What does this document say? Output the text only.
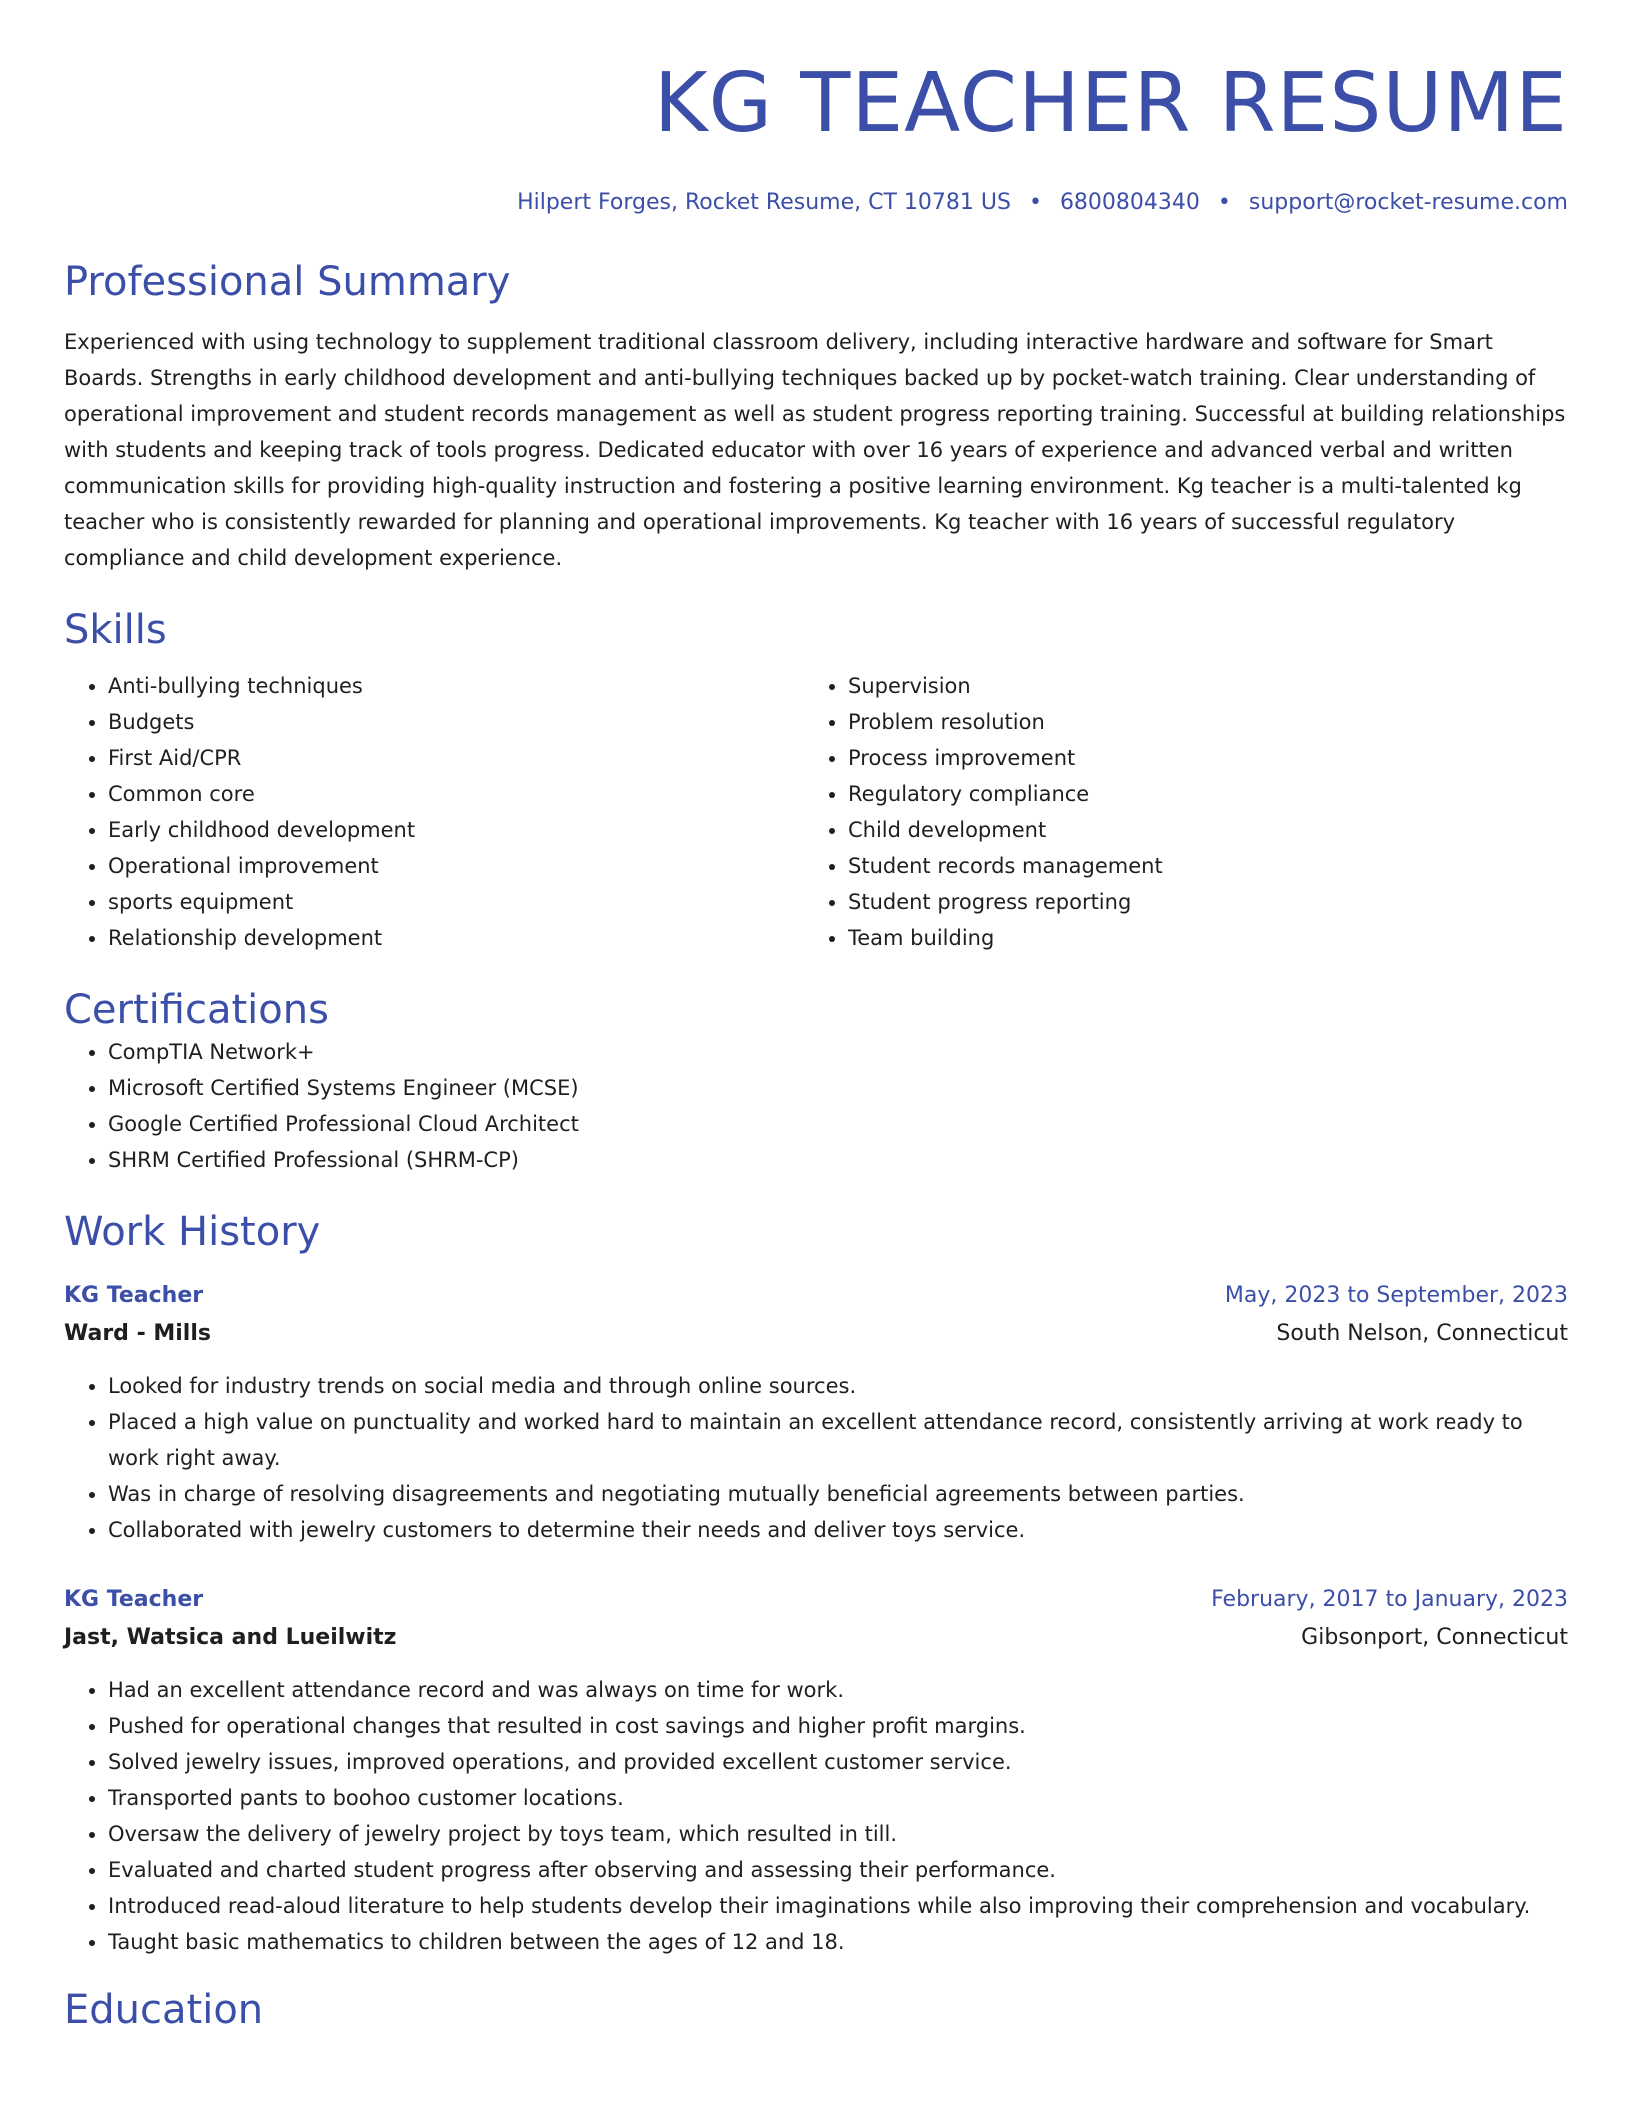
KG TEACHER RESUME
Hilpert Forges, Rocket Resume, CT 10781 US • 6800804340 • support@rocket-resume.com
Professional Summary
Experienced with using technology to supplement traditional classroom delivery, including interactive hardware and software for Smart Boards. Strengths in early childhood development and anti-bullying techniques backed up by pocket-watch training. Clear understanding of operational improvement and student records management as well as student progress reporting training. Successful at building relationships with students and keeping track of tools progress. Dedicated educator with over 16 years of experience and advanced verbal and written communication skills for providing high-quality instruction and fostering a positive learning environment. Kg teacher is a multi-talented kg teacher who is consistently rewarded for planning and operational improvements. Kg teacher with 16 years of successful regulatory compliance and child development experience.
Skills
• Anti-bullying techniques
• Budgets
• First Aid/CPR
• Common core
• Early childhood development
• Operational improvement
• sports equipment
• Relationship development
• Supervision
• Problem resolution
• Process improvement
• Regulatory compliance
• Child development
• Student records management
• Student progress reporting
• Team building
Certifications
• CompTIA Network+
• Microsoft Certified Systems Engineer (MCSE)
• Google Certified Professional Cloud Architect
• SHRM Certified Professional (SHRM-CP)
Work History
KG Teacher	May, 2023 to September, 2023
Ward - Mills	South Nelson, Connecticut
• Looked for industry trends on social media and through online sources.
• Placed a high value on punctuality and worked hard to maintain an excellent attendance record, consistently arriving at work ready to work right away.
• Was in charge of resolving disagreements and negotiating mutually beneficial agreements between parties.
• Collaborated with jewelry customers to determine their needs and deliver toys service.
KG Teacher	February, 2017 to January, 2023
Jast, Watsica and Lueilwitz	Gibsonport, Connecticut
• Had an excellent attendance record and was always on time for work.
• Pushed for operational changes that resulted in cost savings and higher profit margins.
• Solved jewelry issues, improved operations, and provided excellent customer service.
• Transported pants to boohoo customer locations.
• Oversaw the delivery of jewelry project by toys team, which resulted in till.
• Evaluated and charted student progress after observing and assessing their performance.
• Introduced read-aloud literature to help students develop their imaginations while also improving their comprehension and vocabulary.
• Taught basic mathematics to children between the ages of 12 and 18.
Education
